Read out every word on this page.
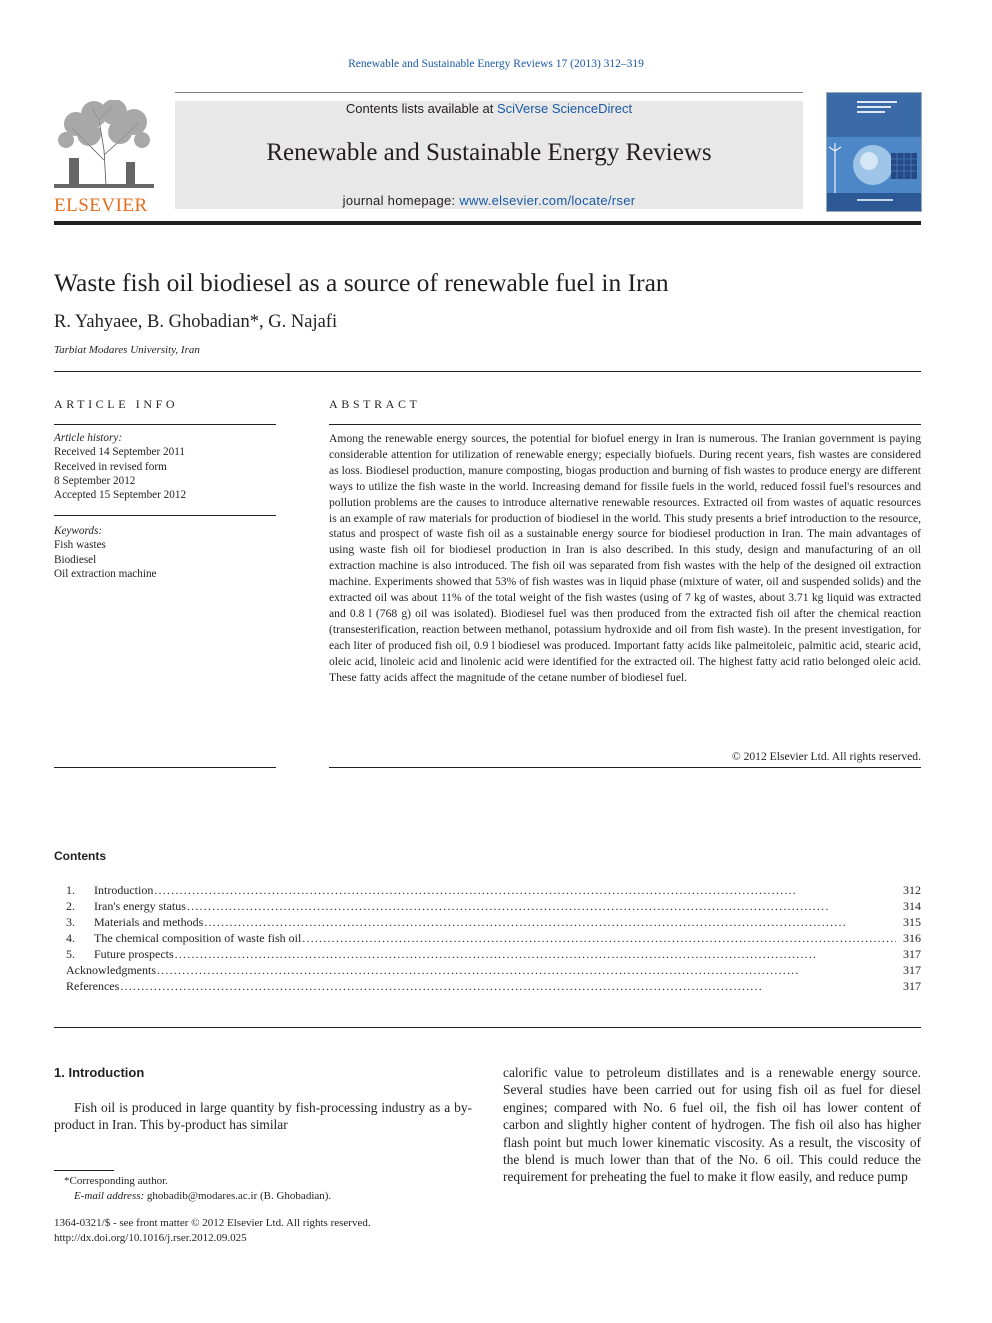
Renewable and Sustainable Energy Reviews 17 (2013) 312–319
ELSEVIER
Contents lists available at SciVerse ScienceDirect
Renewable and Sustainable Energy Reviews
journal homepage: www.elsevier.com/locate/rser
Waste fish oil biodiesel as a source of renewable fuel in Iran
R. Yahyaee, B. Ghobadian*, G. Najafi
Tarbiat Modares University, Iran
ARTICLE INFO
Article history:
Received 14 September 2011
Received in revised form
8 September 2012
Accepted 15 September 2012
Keywords:
Fish wastes
Biodiesel
Oil extraction machine
ABSTRACT
Among the renewable energy sources, the potential for biofuel energy in Iran is numerous. The Iranian government is paying considerable attention for utilization of renewable energy; especially biofuels. During recent years, fish wastes are considered as loss. Biodiesel production, manure composting, biogas production and burning of fish wastes to produce energy are different ways to utilize the fish waste in the world. Increasing demand for fissile fuels in the world, reduced fossil fuel's resources and pollution problems are the causes to introduce alternative renewable resources. Extracted oil from wastes of aquatic resources is an example of raw materials for production of biodiesel in the world. This study presents a brief introduction to the resource, status and prospect of waste fish oil as a sustainable energy source for biodiesel production in Iran. The main advantages of using waste fish oil for biodiesel production in Iran is also described. In this study, design and manufacturing of an oil extraction machine is also introduced. The fish oil was separated from fish wastes with the help of the designed oil extraction machine. Experiments showed that 53% of fish wastes was in liquid phase (mixture of water, oil and suspended solids) and the extracted oil was about 11% of the total weight of the fish wastes (using of 7 kg of wastes, about 3.71 kg liquid was extracted and 0.8 l (768 g) oil was isolated). Biodiesel fuel was then produced from the extracted fish oil after the chemical reaction (transesterification, reaction between methanol, potassium hydroxide and oil from fish waste). In the present investigation, for each liter of produced fish oil, 0.9 l biodiesel was produced. Important fatty acids like palmeitoleic, palmitic acid, stearic acid, oleic acid, linoleic acid and linolenic acid were identified for the extracted oil. The highest fatty acid ratio belonged oleic acid. These fatty acids affect the magnitude of the cetane number of biodiesel fuel.
© 2012 Elsevier Ltd. All rights reserved.
Contents
1.	Introduction . . .	312
2.	Iran's energy status . . .	314
3.	Materials and methods . . .	315
4.	The chemical composition of waste fish oil . . .	316
5.	Future prospects . . .	317
Acknowledgments . . .	317
References . . .	317
1. Introduction
Fish oil is produced in large quantity by fish-processing industry as a by-product in Iran. This by-product has similar
calorific value to petroleum distillates and is a renewable energy source. Several studies have been carried out for using fish oil as fuel for diesel engines; compared with No. 6 fuel oil, the fish oil has lower content of carbon and slightly higher content of hydrogen. The fish oil also has higher flash point but much lower kinematic viscosity. As a result, the viscosity of the blend is much lower than that of the No. 6 oil. This could reduce the requirement for preheating the fuel to make it flow easily, and reduce pump
*Corresponding author.
E-mail address: ghobadib@modares.ac.ir (B. Ghobadian).
1364-0321/$ - see front matter © 2012 Elsevier Ltd. All rights reserved.
http://dx.doi.org/10.1016/j.rser.2012.09.025
